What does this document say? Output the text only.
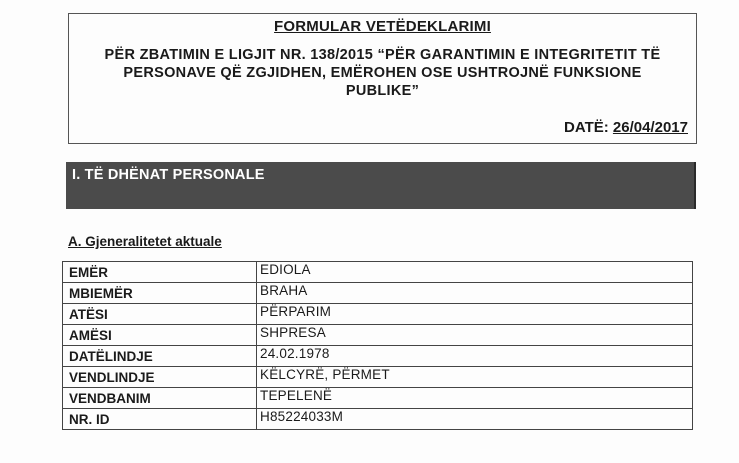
FORMULAR VETËDEKLARIMI
PËR ZBATIMIN E LIGJIT NR. 138/2015 “PËR GARANTIMIN E INTEGRITETIT TË PERSONAVE QË ZGJIDHEN, EMËROHEN OSE USHTROJNË FUNKSIONE PUBLIKE”
DATË: 26/04/2017
I. TË DHËNAT PERSONALE
A. Gjeneralitetet aktuale
EMËR	EDIOLA
MBIEMËR	BRAHA
ATËSI	PËRPARIM
AMËSI	SHPRESA
DATËLINDJE	24.02.1978
VENDLINDJE	KËLCYRË, PËRMET
VENDBANIM	TEPELENË
NR. ID	H85224033M
